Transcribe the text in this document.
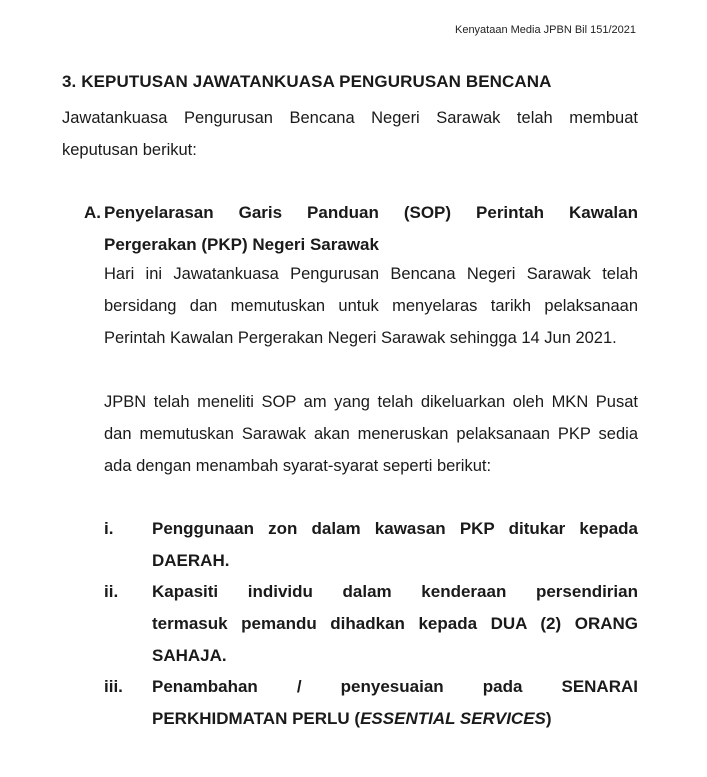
Kenyataan Media JPBN Bil 151/2021
3. KEPUTUSAN JAWATANKUASA PENGURUSAN BENCANA
Jawatankuasa Pengurusan Bencana Negeri Sarawak telah membuat
keputusan berikut:
A. Penyelarasan Garis Panduan (SOP) Perintah Kawalan
Pergerakan (PKP) Negeri Sarawak
Hari ini Jawatankuasa Pengurusan Bencana Negeri Sarawak telah
bersidang dan memutuskan untuk menyelaras tarikh pelaksanaan
Perintah Kawalan Pergerakan Negeri Sarawak sehingga 14 Jun 2021.
JPBN telah meneliti SOP am yang telah dikeluarkan oleh MKN Pusat
dan memutuskan Sarawak akan meneruskan pelaksanaan PKP sedia
ada dengan menambah syarat-syarat seperti berikut:
i.	Penggunaan zon dalam kawasan PKP ditukar kepada
DAERAH.
ii.	Kapasiti individu dalam kenderaan persendirian
termasuk pemandu dihadkan kepada DUA (2) ORANG
SAHAJA.
iii.	Penambahan / penyesuaian pada SENARAI
PERKHIDMATAN PERLU (ESSENTIAL SERVICES)
